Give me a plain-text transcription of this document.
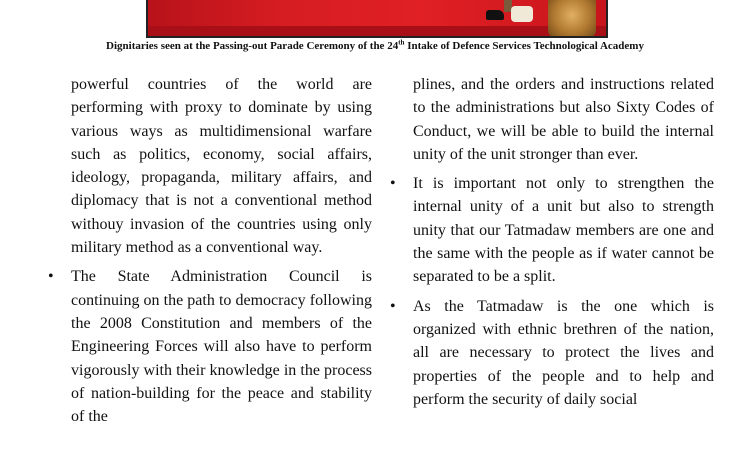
Dignitaries seen at the Passing-out Parade Ceremony of the 24th Intake of Defence Services Technological Academy

powerful countries of the world are performing with proxy to dominate by using various ways as multidimensional warfare such as politics, economy, social affairs, ideology, propaganda, military affairs, and diplomacy that is not a conventional method withouy invasion of the countries using only military method as a conventional way.

• The State Administration Council is continuing on the path to democracy following the 2008 Constitution and members of the Engineering Forces will also have to perform vigorously with their knowledge in the process of nation-building for the peace and stability of the

plines, and the orders and instructions related to the administrations but also Sixty Codes of Conduct, we will be able to build the internal unity of the unit stronger than ever.

• It is important not only to strengthen the internal unity of a unit but also to strength unity that our Tatmadaw members are one and the same with the people as if water cannot be separated to be a split.

• As the Tatmadaw is the one which is organized with ethnic brethren of the nation, all are necessary to protect the lives and properties of the people and to help and perform the security of daily social
